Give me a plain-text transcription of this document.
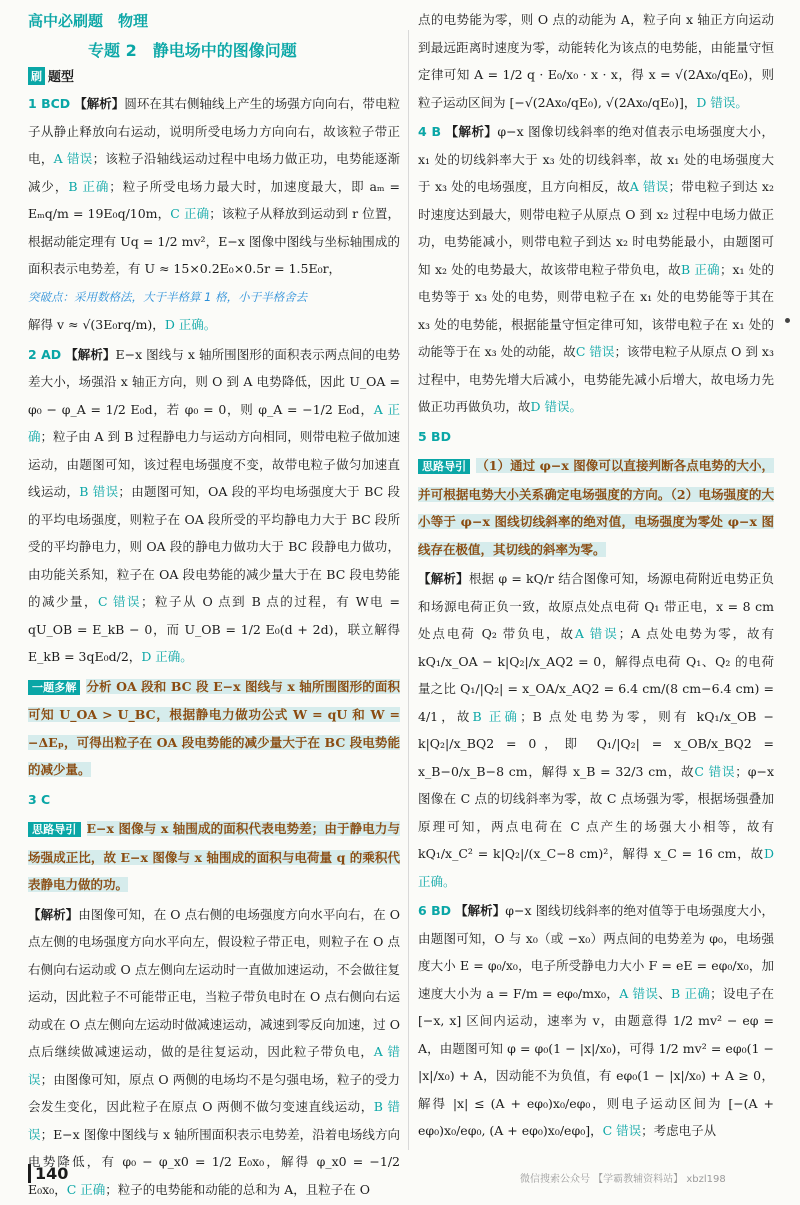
高中必刷题　物理
专题 2　静电场中的图像问题
刷 题型

1 BCD 【解析】圆环在其右侧轴线上产生的场强方向向右，带电粒子从静止释放向右运动，说明所受电场力方向向右，故该粒子带正电，A 错误；该粒子沿轴线运动过程中电场力做正功，电势能逐渐减少，B 正确；粒子所受电场力最大时，加速度最大，即 aₘ = Eₘq/m = 19E₀q/10m，C 正确；该粒子从释放到运动到 r 位置，根据动能定理有 Uq = 1/2 mv²，E−x 图像中图线与坐标轴围成的面积表示电势差，有 U ≈ 15×0.2E₀×0.5r = 1.5E₀r，
突破点：采用数格法，大于半格算 1 格，小于半格舍去
解得 v ≈ √(3E₀rq/m)，D 正确。

2 AD 【解析】E−x 图线与 x 轴所围图形的面积表示两点间的电势差大小，场强沿 x 轴正方向，则 O 到 A 电势降低，因此 U_OA = φ₀ − φ_A = 1/2 E₀d，若 φ₀ = 0，则 φ_A = −1/2 E₀d，A 正确；粒子由 A 到 B 过程静电力与运动方向相同，则带电粒子做加速运动，由题图可知，该过程电场强度不变，故带电粒子做匀加速直线运动，B 错误；由题图可知，OA 段的平均电场强度大于 BC 段的平均电场强度，则粒子在 OA 段所受的平均静电力大于 BC 段所受的平均静电力，则 OA 段的静电力做功大于 BC 段静电力做功，由功能关系知，粒子在 OA 段电势能的减少量大于在 BC 段电势能的减少量，C 错误；粒子从 O 点到 B 点的过程，有 W电 = qU_OB = E_kB − 0，而 U_OB = 1/2 E₀(d + 2d)，联立解得 E_kB = 3qE₀d/2，D 正确。

一题多解 分析 OA 段和 BC 段 E−x 图线与 x 轴所围图形的面积可知 U_OA > U_BC，根据静电力做功公式 W = qU 和 W = −ΔEₚ，可得出粒子在 OA 段电势能的减少量大于在 BC 段电势能的减少量。

3 C

思路导引 E−x 图像与 x 轴围成的面积代表电势差；由于静电力与场强成正比，故 E−x 图像与 x 轴围成的面积与电荷量 q 的乘积代表静电力做的功。

【解析】由图像可知，在 O 点右侧的电场强度方向水平向右，在 O 点左侧的电场强度方向水平向左，假设粒子带正电，则粒子在 O 点右侧向右运动或 O 点左侧向左运动时一直做加速运动，不会做往复运动，因此粒子不可能带正电，当粒子带负电时在 O 点右侧向右运动或在 O 点左侧向左运动时做减速运动，减速到零反向加速，过 O 点后继续做减速运动，做的是往复运动，因此粒子带负电，A 错误；由图像可知，原点 O 两侧的电场均不是匀强电场，粒子的受力会发生变化，因此粒子在原点 O 两侧不做匀变速直线运动，B 错误；E−x 图像中图线与 x 轴所围面积表示电势差，沿着电场线方向电势降低，有 φ₀ − φ_x0 = 1/2 E₀x₀，解得 φ_x0 = −1/2 E₀x₀，C 正确；粒子的电势能和动能的总和为 A，且粒子在 O

点的电势能为零，则 O 点的动能为 A，粒子向 x 轴正方向运动到最远距离时速度为零，动能转化为该点的电势能，由能量守恒定律可知 A = 1/2 q · E₀/x₀ · x · x，得 x = √(2Ax₀/qE₀)，则粒子运动区间为 [−√(2Ax₀/qE₀), √(2Ax₀/qE₀)]，D 错误。

4 B 【解析】φ−x 图像切线斜率的绝对值表示电场强度大小，x₁ 处的切线斜率大于 x₃ 处的切线斜率，故 x₁ 处的电场强度大于 x₃ 处的电场强度，且方向相反，故A 错误；带电粒子到达 x₂ 时速度达到最大，则带电粒子从原点 O 到 x₂ 过程中电场力做正功，电势能减小，则带电粒子到达 x₂ 时电势能最小，由题图可知 x₂ 处的电势最大，故该带电粒子带负电，故B 正确；x₁ 处的电势等于 x₃ 处的电势，则带电粒子在 x₁ 处的电势能等于其在 x₃ 处的电势能，根据能量守恒定律可知，该带电粒子在 x₁ 处的动能等于在 x₃ 处的动能，故C 错误；该带电粒子从原点 O 到 x₃ 过程中，电势先增大后减小，电势能先减小后增大，故电场力先做正功再做负功，故D 错误。

5 BD

思路导引 （1）通过 φ−x 图像可以直接判断各点电势的大小，并可根据电势大小关系确定电场强度的方向。（2）电场强度的大小等于 φ−x 图线切线斜率的绝对值，电场强度为零处 φ−x 图线存在极值，其切线的斜率为零。

【解析】根据 φ = kQ/r 结合图像可知，场源电荷附近电势正负和场源电荷正负一致，故原点处点电荷 Q₁ 带正电，x = 8 cm 处点电荷 Q₂ 带负电，故A 错误；A 点处电势为零，故有 kQ₁/x_OA − k|Q₂|/x_AQ2 = 0，解得点电荷 Q₁、Q₂ 的电荷量之比 Q₁/|Q₂| = x_OA/x_AQ2 = 6.4 cm/(8 cm−6.4 cm) = 4/1，故B 正确；B 点处电势为零，则有 kQ₁/x_OB − k|Q₂|/x_BQ2 = 0，即 Q₁/|Q₂| = x_OB/x_BQ2 = x_B−0/x_B−8 cm，解得 x_B = 32/3 cm，故C 错误；φ−x 图像在 C 点的切线斜率为零，故 C 点场强为零，根据场强叠加原理可知，两点电荷在 C 点产生的场强大小相等，故有 kQ₁/x_C² = k|Q₂|/(x_C−8 cm)²，解得 x_C = 16 cm，故D 正确。

6 BD 【解析】φ−x 图线切线斜率的绝对值等于电场强度大小，由题图可知，O 与 x₀（或 −x₀）两点间的电势差为 φ₀，电场强度大小 E = φ₀/x₀，电子所受静电力大小 F = eE = eφ₀/x₀，加速度大小为 a = F/m = eφ₀/mx₀，A 错误、B 正确；设电子在 [−x, x] 区间内运动，速率为 v，由题意得 1/2 mv² − eφ = A，由题图可知 φ = φ₀(1 − |x|/x₀)，可得 1/2 mv² = eφ₀(1 − |x|/x₀) + A，因动能不为负值，有 eφ₀(1 − |x|/x₀) + A ≥ 0，解得 |x| ≤ (A + eφ₀)x₀/eφ₀，则电子运动区间为 [−(A + eφ₀)x₀/eφ₀, (A + eφ₀)x₀/eφ₀]，C 错误；考虑电子从

140	微信搜索公众号 【学霸教辅资料站】 xbzl198
